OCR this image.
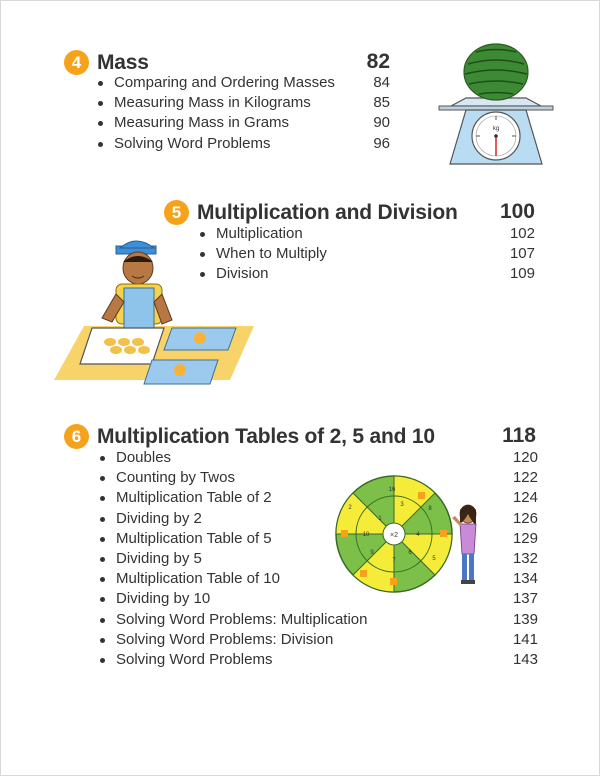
4 Mass	82
Comparing and Ordering Masses	84
Measuring Mass in Kilograms	85
Measuring Mass in Grams	90
Solving Word Problems	96
kg
5 Multiplication and Division	100
Multiplication	102
When to Multiply	107
Division	109
6 Multiplication Tables of 2, 5 and 10	118
Doubles	120
Counting by Twos	122
Multiplication Table of 2	124
Dividing by 2	126
Multiplication Table of 5	129
Dividing by 5	132
Multiplication Table of 10	134
Dividing by 10	137
Solving Word Problems: Multiplication	139
Solving Word Problems: Division	141
Solving Word Problems	143
×2
16
3
2
1
4
6
5
7
9
10
8
